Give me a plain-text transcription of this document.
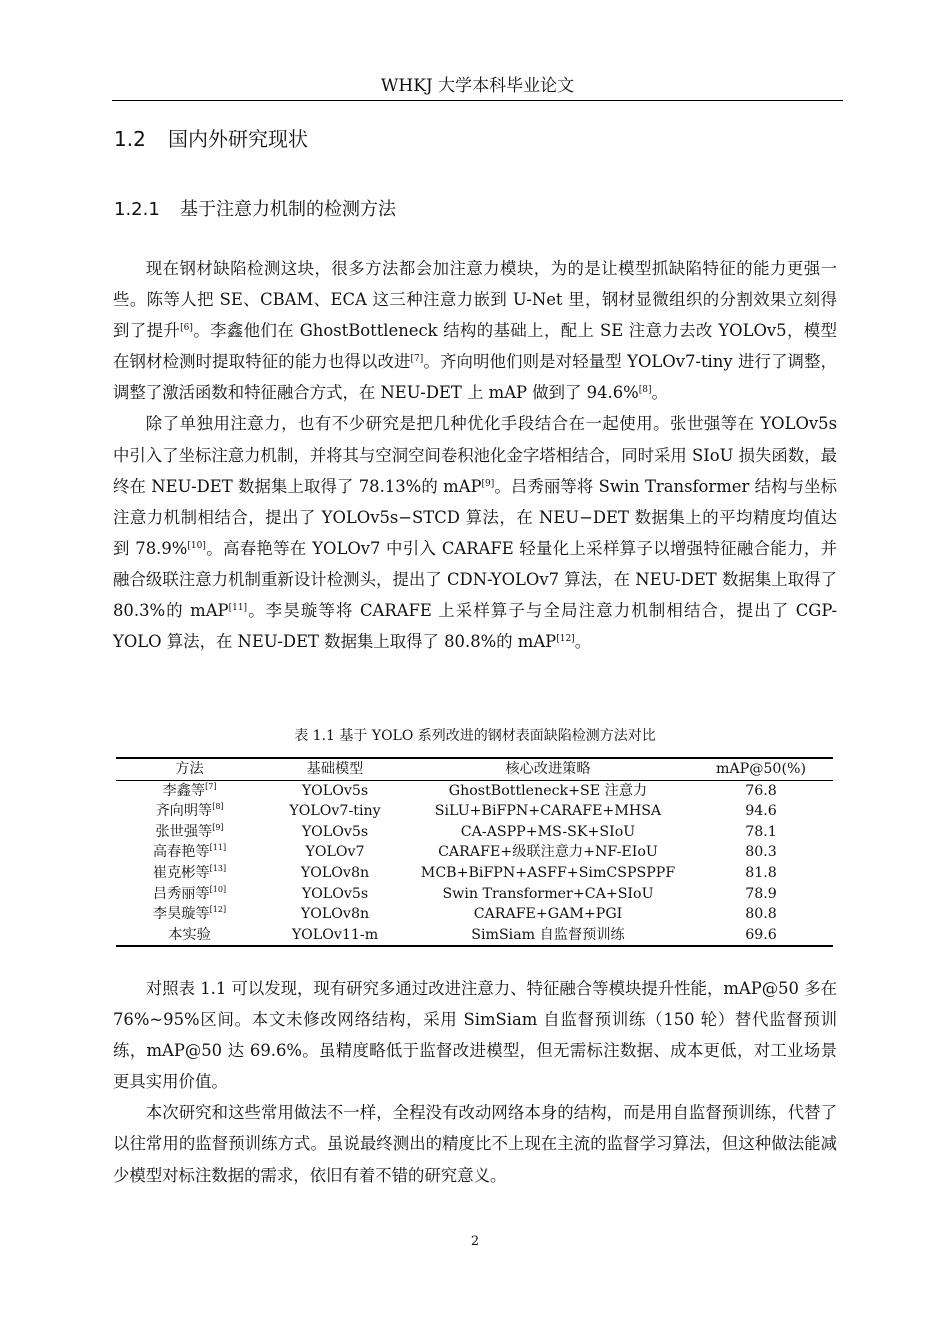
WHKJ 大学本科毕业论文
1.2 国内外研究现状
1.2.1 基于注意力机制的检测方法

现在钢材缺陷检测这块，很多方法都会加注意力模块，为的是让模型抓缺陷特征的能力更强一些。陈等人把 SE、CBAM、ECA 这三种注意力嵌到 U-Net 里，钢材显微组织的分割效果立刻得到了提升[6]。李鑫他们在 GhostBottleneck 结构的基础上，配上 SE 注意力去改 YOLOv5，模型在钢材检测时提取特征的能力也得以改进[7]。齐向明他们则是对轻量型 YOLOv7-tiny 进行了调整，调整了激活函数和特征融合方式，在 NEU-DET 上 mAP 做到了 94.6%[8]。

除了单独用注意力，也有不少研究是把几种优化手段结合在一起使用。张世强等在 YOLOv5s 中引入了坐标注意力机制，并将其与空洞空间卷积池化金字塔相结合，同时采用 SIoU 损失函数，最终在 NEU-DET 数据集上取得了 78.13%的 mAP[9]。吕秀丽等将 Swin Transformer 结构与坐标注意力机制相结合，提出了 YOLOv5s−STCD 算法，在 NEU−DET 数据集上的平均精度均值达到 78.9%[10]。高春艳等在 YOLOv7 中引入 CARAFE 轻量化上采样算子以增强特征融合能力，并融合级联注意力机制重新设计检测头，提出了 CDN-YOLOv7 算法，在 NEU-DET 数据集上取得了 80.3%的 mAP[11]。李昊璇等将 CARAFE 上采样算子与全局注意力机制相结合，提出了 CGP-YOLO 算法，在 NEU-DET 数据集上取得了 80.8%的 mAP[12]。

表 1.1 基于 YOLO 系列改进的钢材表面缺陷检测方法对比
方法	基础模型	核心改进策略	mAP@50(%)
李鑫等[7]	YOLOv5s	GhostBottleneck+SE 注意力	76.8
齐向明等[8]	YOLOv7-tiny	SiLU+BiFPN+CARAFE+MHSA	94.6
张世强等[9]	YOLOv5s	CA-ASPP+MS-SK+SIoU	78.1
高春艳等[11]	YOLOv7	CARAFE+级联注意力+NF-EIoU	80.3
崔克彬等[13]	YOLOv8n	MCB+BiFPN+ASFF+SimCSPSPPF	81.8
吕秀丽等[10]	YOLOv5s	Swin Transformer+CA+SIoU	78.9
李昊璇等[12]	YOLOv8n	CARAFE+GAM+PGI	80.8
本实验	YOLOv11-m	SimSiam 自监督预训练	69.6

对照表 1.1 可以发现，现有研究多通过改进注意力、特征融合等模块提升性能，mAP@50 多在 76%~95%区间。本文未修改网络结构，采用 SimSiam 自监督预训练（150 轮）替代监督预训练，mAP@50 达 69.6%。虽精度略低于监督改进模型，但无需标注数据、成本更低，对工业场景更具实用价值。

本次研究和这些常用做法不一样，全程没有改动网络本身的结构，而是用自监督预训练，代替了以往常用的监督预训练方式。虽说最终测出的精度比不上现在主流的监督学习算法，但这种做法能减少模型对标注数据的需求，依旧有着不错的研究意义。

2
